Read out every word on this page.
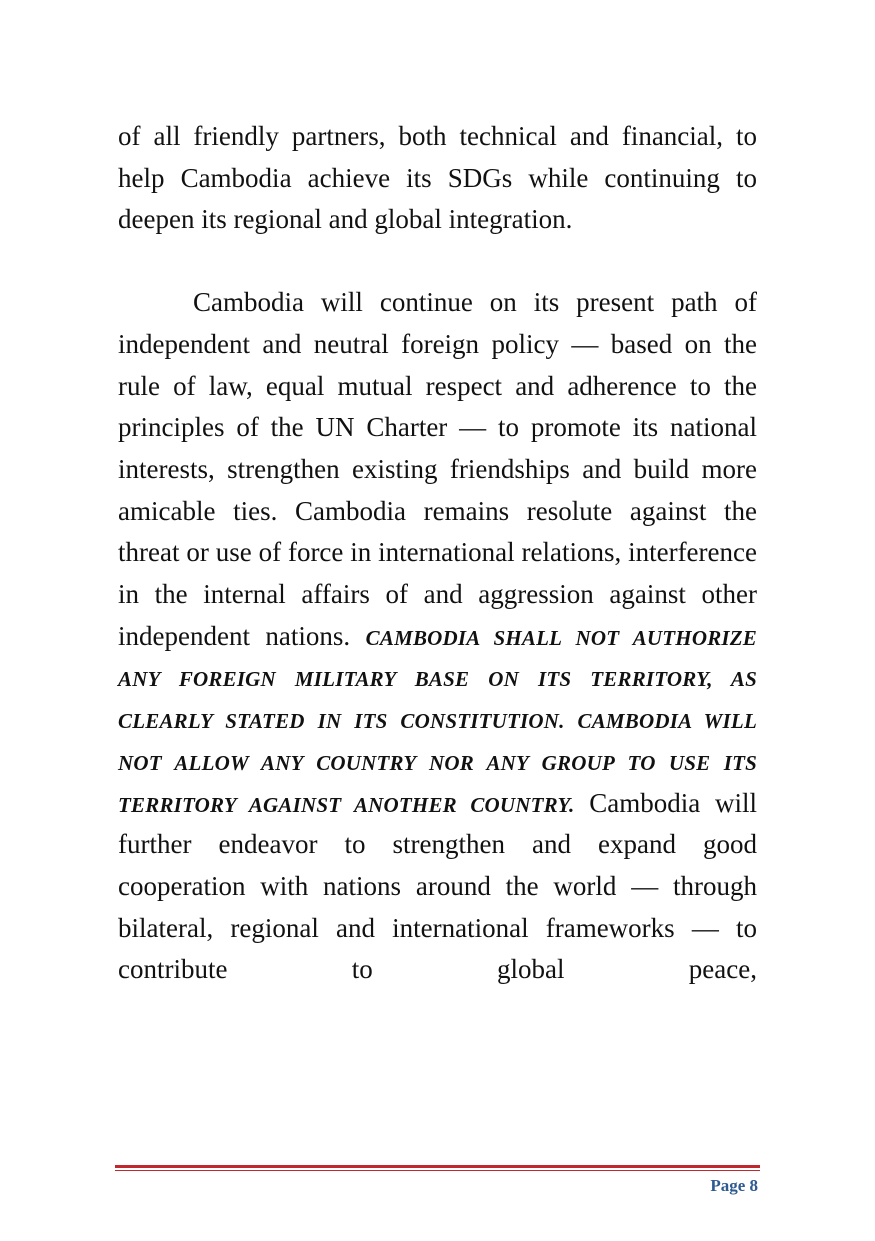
of all friendly partners, both technical and financial, to help Cambodia achieve its SDGs while continuing to deepen its regional and global integration.

Cambodia will continue on its present path of independent and neutral foreign policy — based on the rule of law, equal mutual respect and adherence to the principles of the UN Charter — to promote its national interests, strengthen existing friendships and build more amicable ties. Cambodia remains resolute against the threat or use of force in international relations, interference in the internal affairs of and aggression against other independent nations. CAMBODIA SHALL NOT AUTHORIZE ANY FOREIGN MILITARY BASE ON ITS TERRITORY, AS CLEARLY STATED IN ITS CONSTITUTION. CAMBODIA WILL NOT ALLOW ANY COUNTRY NOR ANY GROUP TO USE ITS TERRITORY AGAINST ANOTHER COUNTRY. Cambodia will further endeavor to strengthen and expand good cooperation with nations around the world — through bilateral, regional and international frameworks — to contribute to global peace,

Page 8
